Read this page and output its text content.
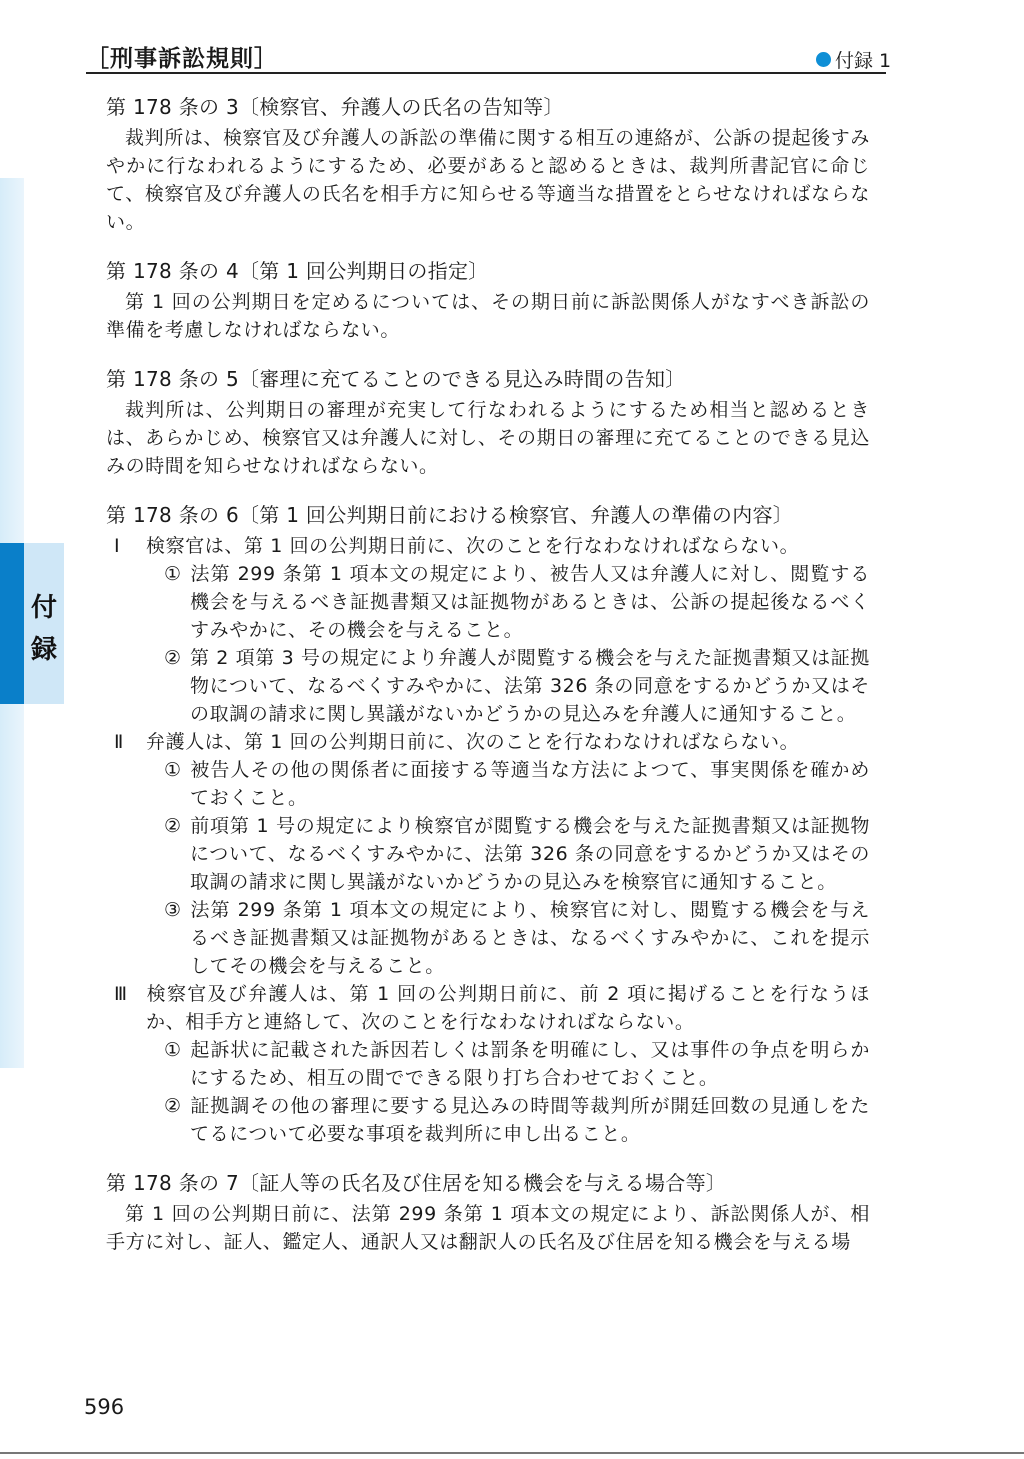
［刑事訴訟規則］	付録 1
付
録
第 178 条の 3〔検察官、弁護人の氏名の告知等〕

裁判所は、検察官及び弁護人の訴訟の準備に関する相互の連絡が、公訴の提起後すみやかに行なわれるようにするため、必要があると認めるときは、裁判所書記官に命じて、検察官及び弁護人の氏名を相手方に知らせる等適当な措置をとらせなければならない。

第 178 条の 4〔第 1 回公判期日の指定〕

第 1 回の公判期日を定めるについては、その期日前に訴訟関係人がなすべき訴訟の準備を考慮しなければならない。

第 178 条の 5〔審理に充てることのできる見込み時間の告知〕

裁判所は、公判期日の審理が充実して行なわれるようにするため相当と認めるときは、あらかじめ、検察官又は弁護人に対し、その期日の審理に充てることのできる見込みの時間を知らせなければならない。

第 178 条の 6〔第 1 回公判期日前における検察官、弁護人の準備の内容〕

Ⅰ 検察官は、第 1 回の公判期日前に、次のことを行なわなければならない。

① 法第 299 条第 1 項本文の規定により、被告人又は弁護人に対し、閲覧する機会を与えるべき証拠書類又は証拠物があるときは、公訴の提起後なるべくすみやかに、その機会を与えること。
② 第 2 項第 3 号の規定により弁護人が閲覧する機会を与えた証拠書類又は証拠物について、なるべくすみやかに、法第 326 条の同意をするかどうか又はその取調の請求に関し異議がないかどうかの見込みを弁護人に通知すること。

Ⅱ 弁護人は、第 1 回の公判期日前に、次のことを行なわなければならない。

① 被告人その他の関係者に面接する等適当な方法によつて、事実関係を確かめておくこと。
② 前項第 1 号の規定により検察官が閲覧する機会を与えた証拠書類又は証拠物について、なるべくすみやかに、法第 326 条の同意をするかどうか又はその取調の請求に関し異議がないかどうかの見込みを検察官に通知すること。
③ 法第 299 条第 1 項本文の規定により、検察官に対し、閲覧する機会を与えるべき証拠書類又は証拠物があるときは、なるべくすみやかに、これを提示してその機会を与えること。

Ⅲ 検察官及び弁護人は、第 1 回の公判期日前に、前 2 項に掲げることを行なうほか、相手方と連絡して、次のことを行なわなければならない。

① 起訴状に記載された訴因若しくは罰条を明確にし、又は事件の争点を明らかにするため、相互の間でできる限り打ち合わせておくこと。
② 証拠調その他の審理に要する見込みの時間等裁判所が開廷回数の見通しをたてるについて必要な事項を裁判所に申し出ること。
第 178 条の 7〔証人等の氏名及び住居を知る機会を与える場合等〕

第 1 回の公判期日前に、法第 299 条第 1 項本文の規定により、訴訟関係人が、相手方に対し、証人、鑑定人、通訳人又は翻訳人の氏名及び住居を知る機会を与える場

596
